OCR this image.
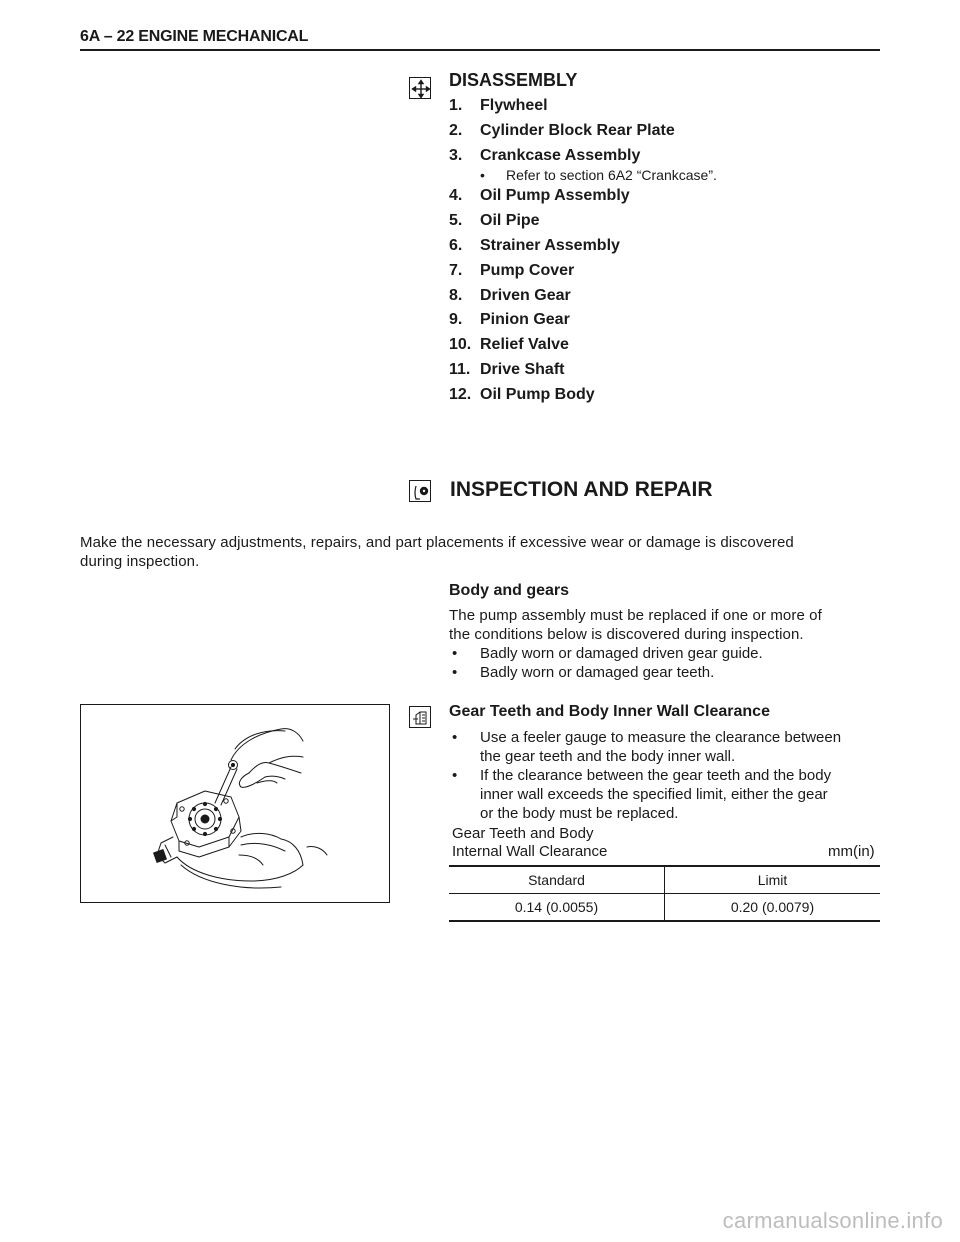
6A – 22 ENGINE MECHANICAL
DISASSEMBLY
1. Flywheel
2. Cylinder Block Rear Plate
3. Crankcase Assembly
• Refer to section 6A2 “Crankcase”.
4. Oil Pump Assembly
5. Oil Pipe
6. Strainer Assembly
7. Pump Cover
8. Driven Gear
9. Pinion Gear
10. Relief Valve
11. Drive Shaft
12. Oil Pump Body
INSPECTION AND REPAIR
Make the necessary adjustments, repairs, and part placements if excessive wear or damage is discovered
during inspection.
Body and gears
The pump assembly must be replaced if one or more of
the conditions below is discovered during inspection.
• Badly worn or damaged driven gear guide.
• Badly worn or damaged gear teeth.
Gear Teeth and Body Inner Wall Clearance
• Use a feeler gauge to measure the clearance between
the gear teeth and the body inner wall.
• If the clearance between the gear teeth and the body
inner wall exceeds the specified limit, either the gear
or the body must be replaced.
Gear Teeth and Body
Internal Wall Clearance	mm(in)
Standard	Limit
0.14 (0.0055)	0.20 (0.0079)
carmanualsonline.info
